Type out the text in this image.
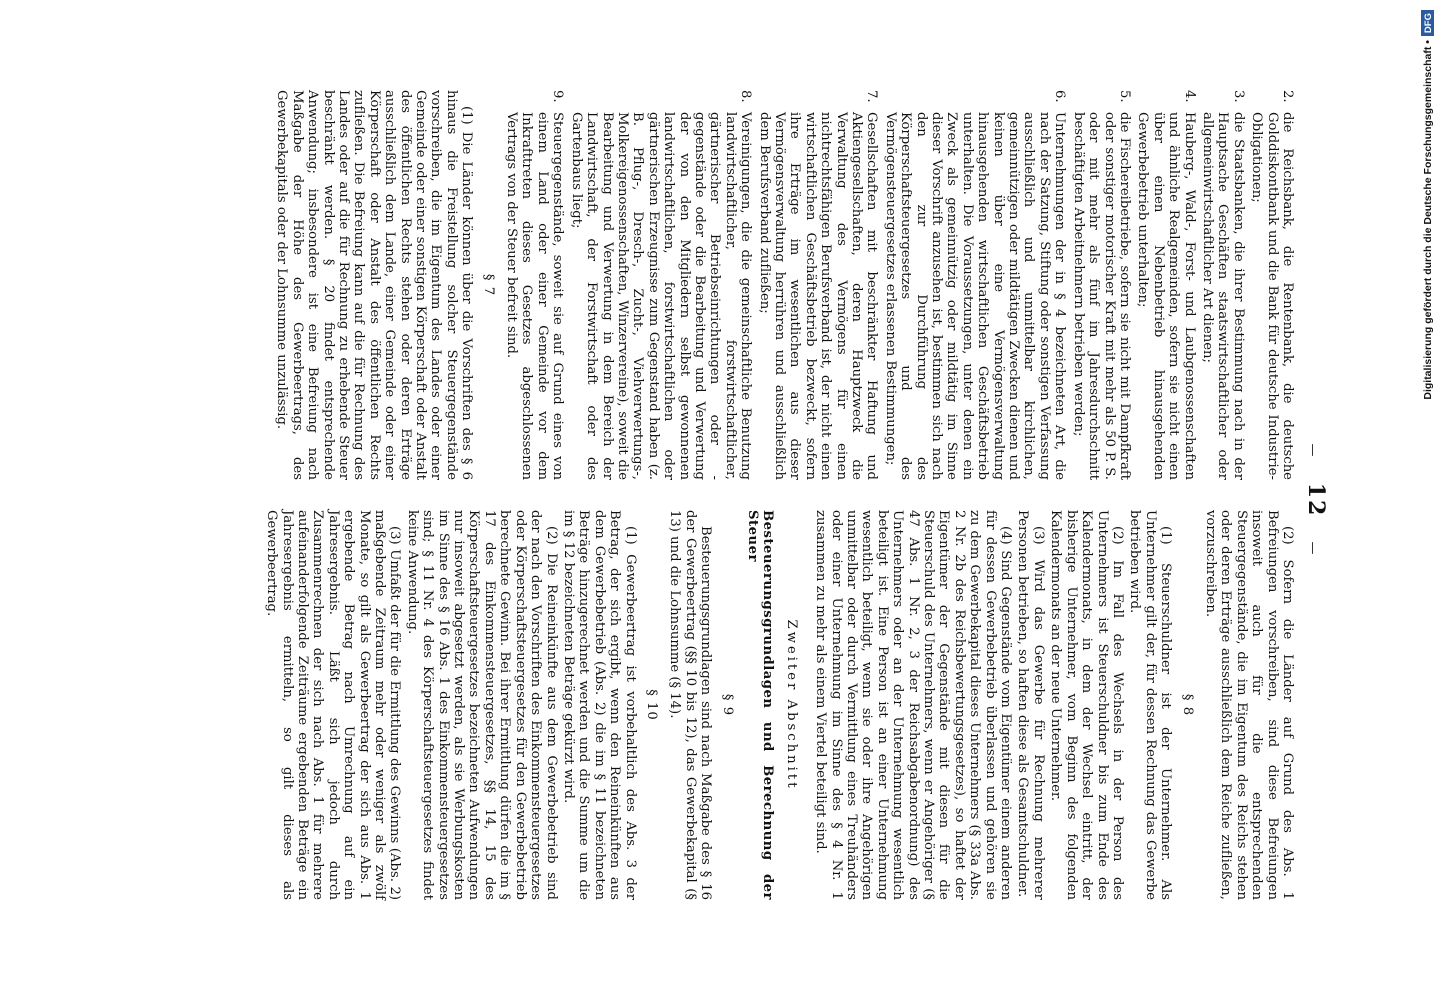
— 12 —
2.
die Reichsbank, die Rentenbank, die deutsche Golddiskontbank und die Bank für deutsche Industrie-Obligationen;
3.
die Staatsbanken, die ihrer Bestimmung nach in der Hauptsache Geschäften staatswirtschaftlicher oder allgemeinwirtschaftlicher Art dienen;
4.
Hauberg-, Wald-, Forst- und Laubgenossenschaften und ähnliche Realgemeinden, sofern sie nicht einen über einen Nebenbetrieb hinausgehenden Gewerbebetrieb unterhalten;
5.
die Fischereibetriebe, sofern sie nicht mit Dampfkraft oder sonstiger motorischer Kraft mit mehr als 50 P. S. oder mit mehr als fünf im Jahresdurchschnitt beschäftigten Arbeitnehmern betrieben werden;
6.
Unternehmungen der in § 4 bezeichneten Art, die nach der Satzung, Stiftung oder sonstigen Verfassung ausschließlich und unmittelbar kirchlichen, gemeinnützigen oder mildtätigen Zwecken dienen und keinen über eine Vermögensverwaltung hinausgehenden wirtschaftlichen Geschäftsbetrieb unterhalten. Die Voraussetzungen, unter denen ein Zweck als gemeinnützig oder mildtätig im Sinne dieser Vorschrift anzusehen ist, bestimmen sich nach den zur Durchführung des Körperschaftsteuergesetzes und des Vermögensteuergesetzes erlassenen Bestimmungen;
7.
Gesellschaften mit beschränkter Haftung und Aktiengesellschaften, deren Hauptzweck die Verwaltung des Vermögens für einen nichtrechtsfähigen Berufsverband ist, der nicht einen wirtschaftlichen Geschäftsbetrieb bezweckt, sofern ihre Erträge im wesentlichen aus dieser Vermögensverwaltung herrühren und ausschließlich dem Berufsverband zufließen;
8.
Vereinigungen, die die gemeinschaftliche Benutzung landwirtschaftlicher, forstwirtschaftlicher, gärtnerischer Betriebseinrichtungen oder -gegenstände oder die Bearbeitung und Verwertung der von den Mitgliedern selbst gewonnenen landwirtschaftlichen, forstwirtschaftlichen oder gärtnerischen Erzeugnisse zum Gegenstand haben (z. B. Pflug-, Dresch-, Zucht-, Viehverwertungs-, Molkereigenossenschaften, Winzervereine), soweit die Bearbeitung und Verwertung in dem Bereich der Landwirtschaft, der Forstwirtschaft oder des Gartenbaus liegt;
9.
Steuergegenstände, soweit sie auf Grund eines von einem Land oder einer Gemeinde vor dem Inkrafttreten dieses Gesetzes abgeschlossenen Vertrags von der Steuer befreit sind.
§ 7

(1) Die Länder können über die Vorschriften des § 6 hinaus die Freistellung solcher Steuergegenstände vorschreiben, die im Eigentum des Landes oder einer Gemeinde oder einer sonstigen Körperschaft oder Anstalt des öffentlichen Rechts stehen oder deren Erträge ausschließlich dem Lande, einer Gemeinde oder einer Körperschaft oder Anstalt des öffentlichen Rechts zufließen. Die Befreiung kann auf die für Rechnung des Landes oder auf die für Rechnung zu erhebende Steuer beschränkt werden. § 20 findet entsprechende Anwendung; insbesondere ist eine Befreiung nach Maßgabe der Höhe des Gewerbeertrags, des Gewerbekapitals oder der Lohnsumme unzulässig.

(2) Sofern die Länder auf Grund des Abs. 1 Befreiungen vorschreiben, sind diese Befreiungen insoweit auch für die entsprechenden Steuergegenstände, die im Eigentum des Reichs stehen oder deren Erträge ausschließlich dem Reiche zufließen, vorzuschreiben.

§ 8

(1) Steuerschuldner ist der Unternehmer. Als Unternehmer gilt der, für dessen Rechnung das Gewerbe betrieben wird.

(2) Im Fall des Wechsels in der Person des Unternehmers ist Steuerschuldner bis zum Ende des Kalendermonats, in dem der Wechsel eintritt, der bisherige Unternehmer, vom Beginn des folgenden Kalendermonats an der neue Unternehmer.

(3) Wird das Gewerbe für Rechnung mehrerer Personen betrieben, so haften diese als Gesamtschuldner.

(4) Sind Gegenstände vom Eigentümer einem anderen für dessen Gewerbebetrieb überlassen und gehören sie zu dem Gewerbekapital dieses Unternehmers (§ 33a Abs. 2 Nr. 2b des Reichsbewertungsgesetzes), so haftet der Eigentümer der Gegenstände mit diesen für die Steuerschuld des Unternehmers, wenn er Angehöriger (§ 47 Abs. 1 Nr. 2, 3 der Reichsabgabenordnung) des Unternehmers oder an der Unternehmung wesentlich beteiligt ist. Eine Person ist an einer Unternehmung wesentlich beteiligt, wenn sie oder ihre Angehörigen unmittelbar oder durch Vermittlung eines Treuhänders oder einer Unternehmung im Sinne des § 4 Nr. 1 zusammen zu mehr als einem Viertel beteiligt sind.

Zweiter Abschnitt
Besteuerungsgrundlagen und Berechnung der Steuer
§ 9

Besteuerungsgrundlagen sind nach Maßgabe des § 16 der Gewerbeertrag (§§ 10 bis 12), das Gewerbekapital (§ 13) und die Lohnsumme (§ 14).

§ 10

(1) Gewerbeertrag ist vorbehaltlich des Abs. 3 der Betrag, der sich ergibt, wenn den Reineinkünften aus dem Gewerbebetrieb (Abs. 2) die im § 11 bezeichneten Beträge hinzugerechnet werden und die Summe um die im § 12 bezeichneten Beträge gekürzt wird.

(2) Die Reineinkünfte aus dem Gewerbebetrieb sind der nach den Vorschriften des Einkommensteuergesetzes oder Körperschaftsteuergesetzes für den Gewerbebetrieb berechnete Gewinn. Bei ihrer Ermittlung dürfen die im § 17 des Einkommensteuergesetzes, §§ 14, 15 des Körperschaftsteuergesetzes bezeichneten Aufwendungen nur insoweit abgesetzt werden, als sie Werbungskosten im Sinne des § 16 Abs. 1 des Einkommensteuergesetzes sind; § 11 Nr. 4 des Körperschaftsteuergesetzes findet keine Anwendung.

(3) Umfaßt der für die Ermittlung des Gewinns (Abs. 2) maßgebende Zeitraum mehr oder weniger als zwölf Monate, so gilt als Gewerbeertrag der sich aus Abs. 1 ergebende Betrag nach Umrechnung auf ein Jahresergebnis. Läßt sich jedoch durch Zusammenrechnen der sich nach Abs. 1 für mehrere aufeinanderfolgende Zeiträume ergebenden Beträge ein Jahresergebnis ermitteln, so gilt dieses als Gewerbeertrag.

Digitalisierung gefördert durch die Deutsche Forschungsgemeinschaft •DFG
